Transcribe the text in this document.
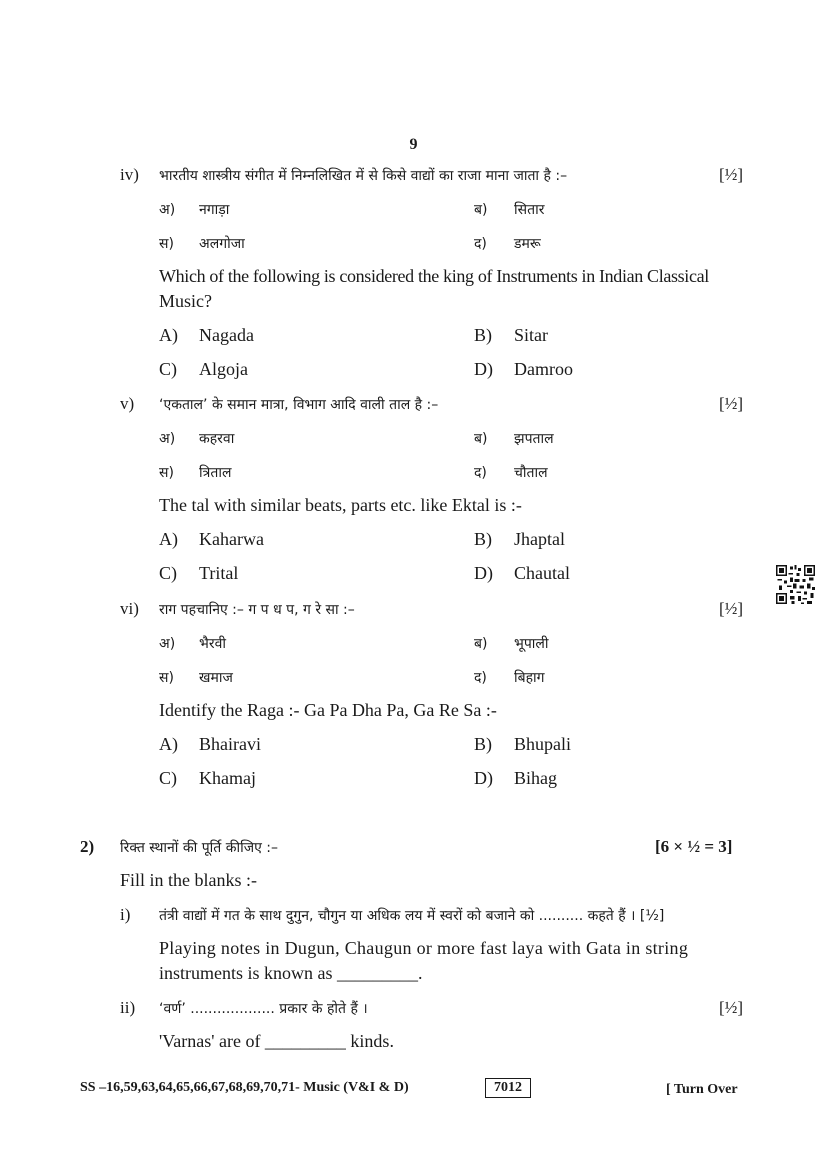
9
iv) भारतीय शास्त्रीय संगीत में निम्नलिखित में से किसे वाद्यों का राजा माना जाता है :–	[½]
अ) नगाड़ा	ब) सितार
स) अलगोजा	द) डमरू
Which of the following is considered the king of Instruments in Indian Classical
Music?
A) Nagada	B) Sitar
C) Algoja	D) Damroo
v) ‘एकताल’ के समान मात्रा, विभाग आदि वाली ताल है :–	[½]
अ) कहरवा	ब) झपताल
स) त्रिताल	द) चौताल
The tal with similar beats, parts etc. like Ektal is :-
A) Kaharwa	B) Jhaptal
C) Trital	D) Chautal
vi) राग पहचानिए :– ग प ध प, ग रे सा :–	[½]
अ) भैरवी	ब) भूपाली
स) खमाज	द) बिहाग
Identify the Raga :- Ga Pa Dha Pa, Ga Re Sa :-
A) Bhairavi	B) Bhupali
C) Khamaj	D) Bihag
2) रिक्त स्थानों की पूर्ति कीजिए :–	[6 × ½ = 3]
Fill in the blanks :-
i) तंत्री वाद्यों में गत के साथ दुगुन, चौगुन या अधिक लय में स्वरों को बजाने को .......... कहते हैं । [½]
Playing notes in Dugun, Chaugun or more fast laya with Gata in string
instruments is known as _________.
ii) ‘वर्ण’ ................... प्रकार के होते हैं ।	[½]
'Varnas' are of _________ kinds.
SS –16,59,63,64,65,66,67,68,69,70,71- Music (V&I & D)	7012	[ Turn Over
